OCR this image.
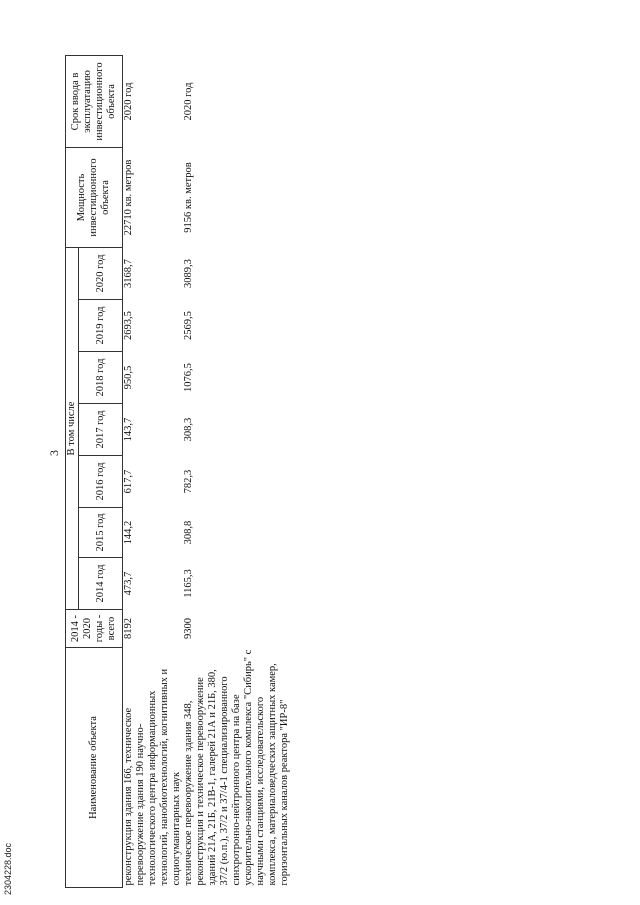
3
Наименование объекта	2014 - 2020 годы - всего	В том числе							Мощность инвестиционного объекта	Срок ввода в эксплуатацию инвестиционного объекта
		2014 год	2015 год	2016 год	2017 год	2018 год	2019 год	2020 год		
реконструкция здания 166, техническое перевооружение здания 190 научно-технологического центра информационных технологий, нанобиотехнологий, когнитивных и социогуманитарных наук	8192	473,7	144,2	617,7	143,7	950,5	2693,5	3168,7	22710 кв. метров	2020 год
техническое перевооружение здания 348, реконструкция и техническое перевооружение зданий 21А, 21Б, 21В-1, галерей 21А и 21Б, 380, 37/2 (ю.п.), 37/2 и 37/4-1 специализированного синхротронно-нейтронного центра на базе ускорительно-накопительного комплекса "Сибирь" с научными станциями, исследовательского комплекса, материаловедческих защитных камер, горизонтальных каналов реактора "ИР-8"	9300	1165,3	308,8	782,3	308,3	1076,5	2569,5	3089,3	9156 кв. метров	2020 год
2304228.doc
